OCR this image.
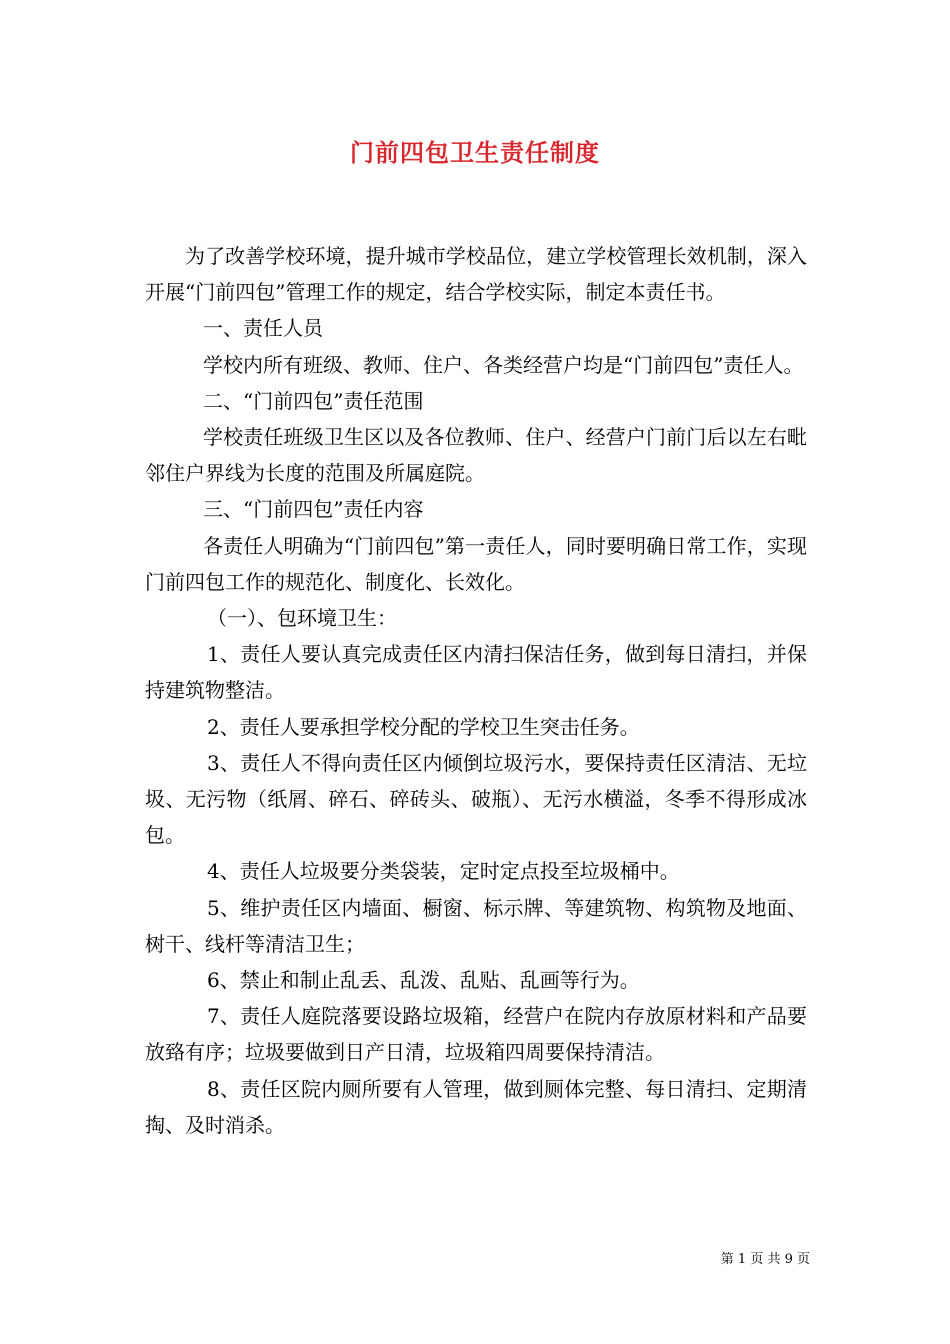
门前四包卫生责任制度

为了改善学校环境，提升城市学校品位，建立学校管理长效机制，深入开展“门前四包”管理工作的规定，结合学校实际，制定本责任书。

一、责任人员

学校内所有班级、教师、住户、各类经营户均是“门前四包”责任人。

二、“门前四包”责任范围

学校责任班级卫生区以及各位教师、住户、经营户门前门后以左右毗邻住户界线为长度的范围及所属庭院。

三、“门前四包”责任内容

各责任人明确为“门前四包”第一责任人，同时要明确日常工作，实现门前四包工作的规范化、制度化、长效化。

（一）、包环境卫生：

1、责任人要认真完成责任区内清扫保洁任务，做到每日清扫，并保持建筑物整洁。

2、责任人要承担学校分配的学校卫生突击任务。

3、责任人不得向责任区内倾倒垃圾污水，要保持责任区清洁、无垃圾、无污物（纸屑、碎石、碎砖头、破瓶）、无污水横溢，冬季不得形成冰包。

4、责任人垃圾要分类袋装，定时定点投至垃圾桶中。

5、维护责任区内墙面、橱窗、标示牌、等建筑物、构筑物及地面、树干、线杆等清洁卫生；

6、禁止和制止乱丢、乱泼、乱贴、乱画等行为。

7、责任人庭院落要设路垃圾箱，经营户在院内存放原材料和产品要放臵有序；垃圾要做到日产日清，垃圾箱四周要保持清洁。

8、责任区院内厕所要有人管理，做到厕体完整、每日清扫、定期清掏、及时消杀。

第 1 页 共 9 页
